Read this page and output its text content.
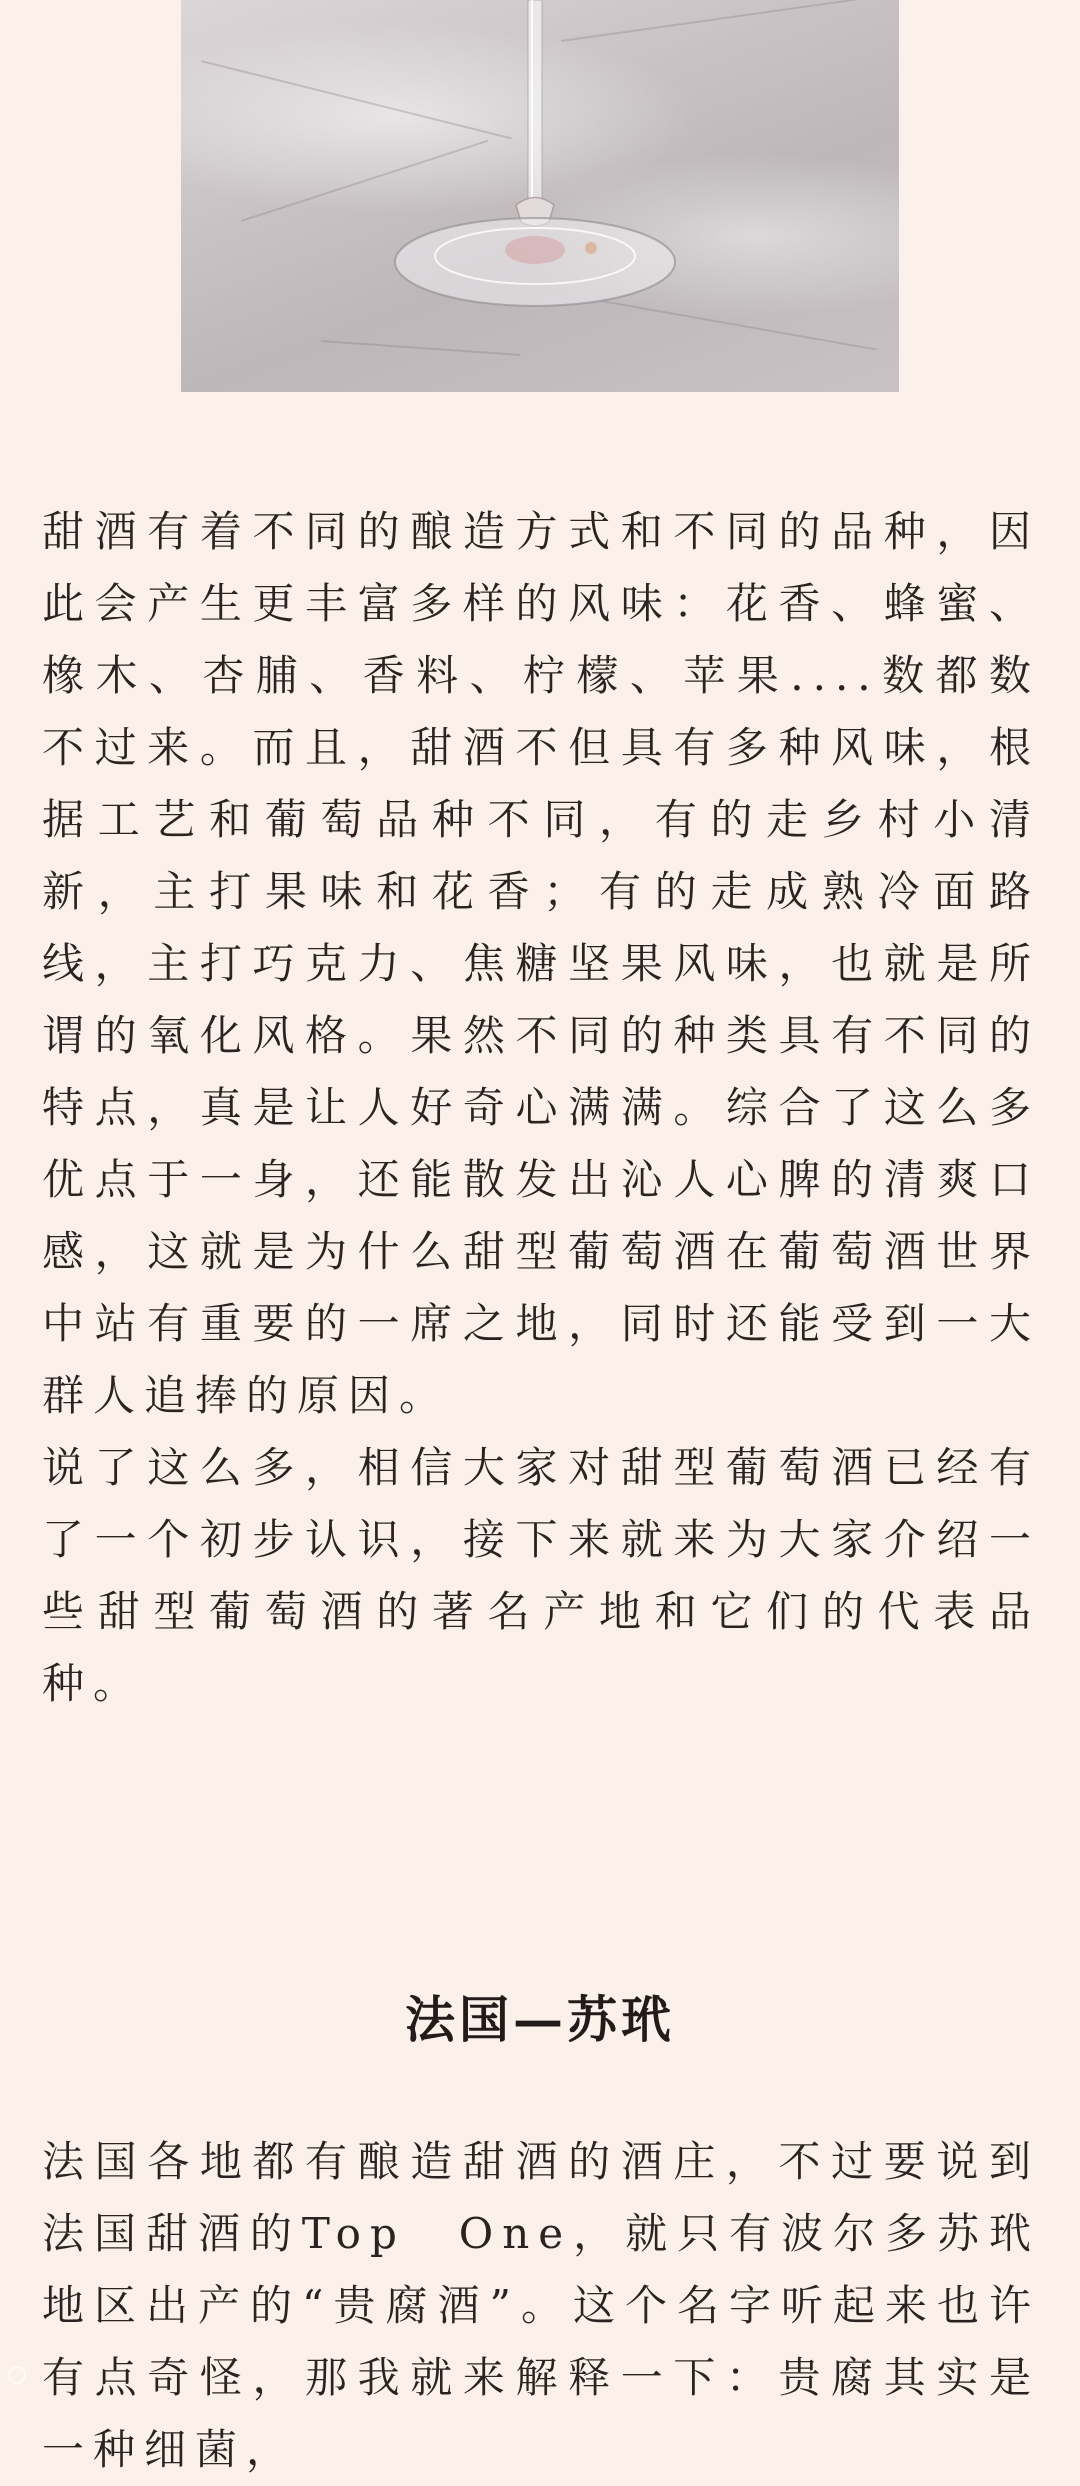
甜酒有着不同的酿造方式和不同的品种，因此会产生更丰富多样的风味：花香、蜂蜜、橡木、杏脯、香料、柠檬、苹果....数都数不过来。而且，甜酒不但具有多种风味，根据工艺和葡萄品种不同，有的走乡村小清新，主打果味和花香；有的走成熟冷面路线，主打巧克力、焦糖坚果风味，也就是所谓的氧化风格。果然不同的种类具有不同的特点，真是让人好奇心满满。综合了这么多优点于一身，还能散发出沁人心脾的清爽口感，这就是为什么甜型葡萄酒在葡萄酒世界中站有重要的一席之地，同时还能受到一大群人追捧的原因。

说了这么多，相信大家对甜型葡萄酒已经有了一个初步认识，接下来就来为大家介绍一些甜型葡萄酒的著名产地和它们的代表品种。

法国—苏玳

法国各地都有酿造甜酒的酒庄，不过要说到法国甜酒的Top　One，就只有波尔多苏玳地区出产的“贵腐酒”。这个名字听起来也许有点奇怪，那我就来解释一下：贵腐其实是一种细菌，
